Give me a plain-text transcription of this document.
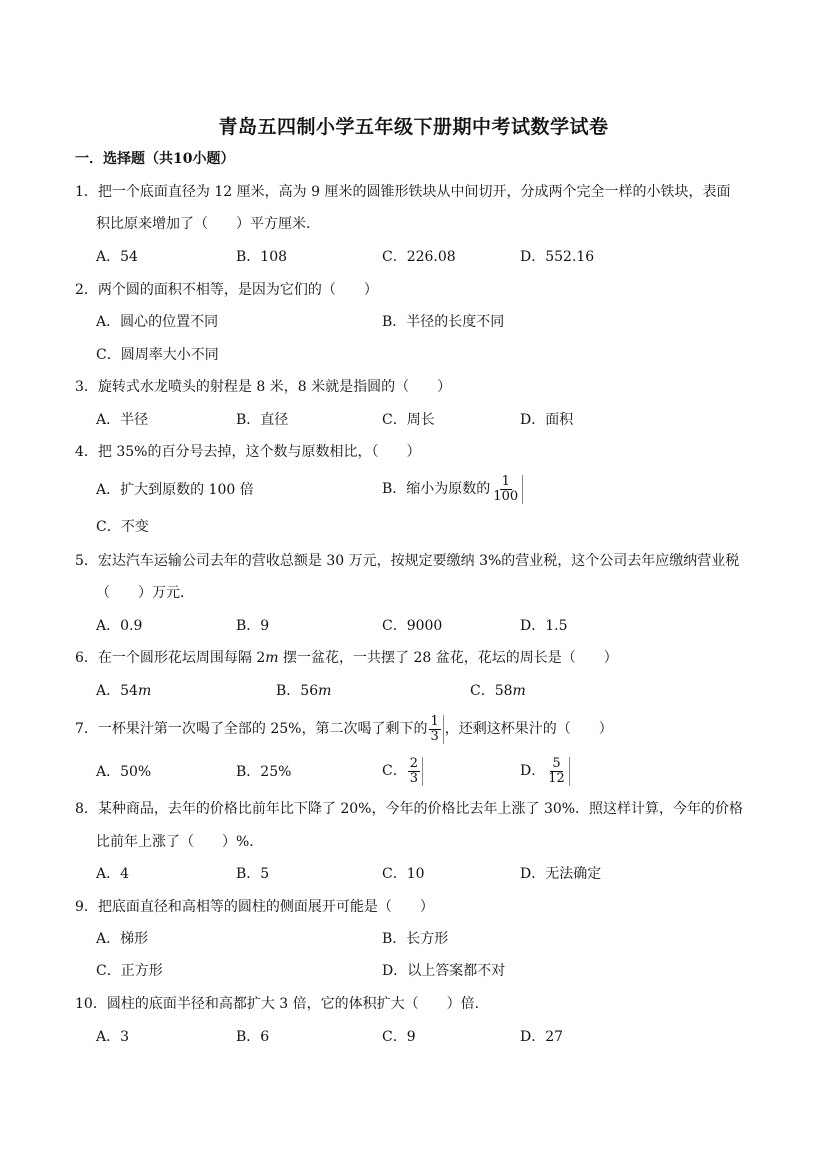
青岛五四制小学五年级下册期中考试数学试卷
一．选择题（共10小题）
1．把一个底面直径为 12 厘米，高为 9 厘米的圆锥形铁块从中间切开，分成两个完全一样的小铁块，表面
积比原来增加了（　　）平方厘米．
A．54	B．108	C．226.08	D．552.16
2．两个圆的面积不相等，是因为它们的（　　）
A．圆心的位置不同	B．半径的长度不同
C．圆周率大小不同
3．旋转式水龙喷头的射程是 8 米，8 米就是指圆的（　　）
A．半径	B．直径	C．周长	D．面积
4．把 35%的百分号去掉，这个数与原数相比，（　　）
A．扩大到原数的 100 倍	B．缩小为原数的 $\frac{1}{100}$
C．不变
5．宏达汽车运输公司去年的营收总额是 30 万元，按规定要缴纳 3%的营业税，这个公司去年应缴纳营业税
（　　）万元．
A．0.9	B．9	C．9000	D．1.5
6．在一个圆形花坛周围每隔 2m 摆一盆花，一共摆了 28 盆花，花坛的周长是（　　）
A．54m	B．56m	C．58m
7．一杯果汁第一次喝了全部的 25%，第二次喝了剩下的 $\frac{1}{3}$ ，还剩这杯果汁的（　　）
A．50%	B．25%	C． $\frac{2}{3}$	D． $\frac{5}{12}$
8．某种商品，去年的价格比前年比下降了 20%，今年的价格比去年上涨了 30%．照这样计算，今年的价格
比前年上涨了（　　）%．
A．4	B．5	C．10	D．无法确定
9．把底面直径和高相等的圆柱的侧面展开可能是（　　）
A．梯形	B．长方形
C．正方形	D．以上答案都不对
10．圆柱的底面半径和高都扩大 3 倍，它的体积扩大（　　）倍．
A．3	B．6	C．9	D．27
